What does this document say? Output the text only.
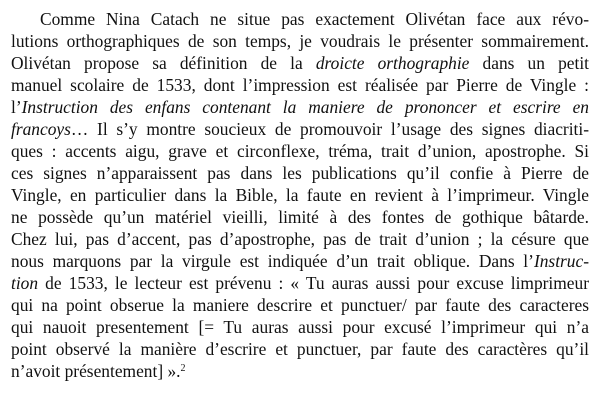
Comme Nina Catach ne situe pas exactement Olivétan face aux révo-
lutions orthographiques de son temps, je voudrais le présenter sommairement.
Olivétan propose sa définition de la droicte orthographie dans un petit
manuel scolaire de 1533, dont l’impression est réalisée par Pierre de Vingle :
l’Instruction des enfans contenant la maniere de prononcer et escrire en
francoys… Il s’y montre soucieux de promouvoir l’usage des signes diacriti-
ques : accents aigu, grave et circonflexe, tréma, trait d’union, apostrophe. Si
ces signes n’apparaissent pas dans les publications qu’il confie à Pierre de
Vingle, en particulier dans la Bible, la faute en revient à l’imprimeur. Vingle
ne possède qu’un matériel vieilli, limité à des fontes de gothique bâtarde.
Chez lui, pas d’accent, pas d’apostrophe, pas de trait d’union ; la césure que
nous marquons par la virgule est indiquée d’un trait oblique. Dans l’Instruc-
tion de 1533, le lecteur est prévenu : « Tu auras aussi pour excuse limprimeur
qui na point obserue la maniere descrire et punctuer/ par faute des caracteres
qui nauoit presentement [= Tu auras aussi pour excusé l’imprimeur qui n’a
point observé la manière d’escrire et punctuer, par faute des caractères qu’il
n’avoit présentement] ».$^2$
